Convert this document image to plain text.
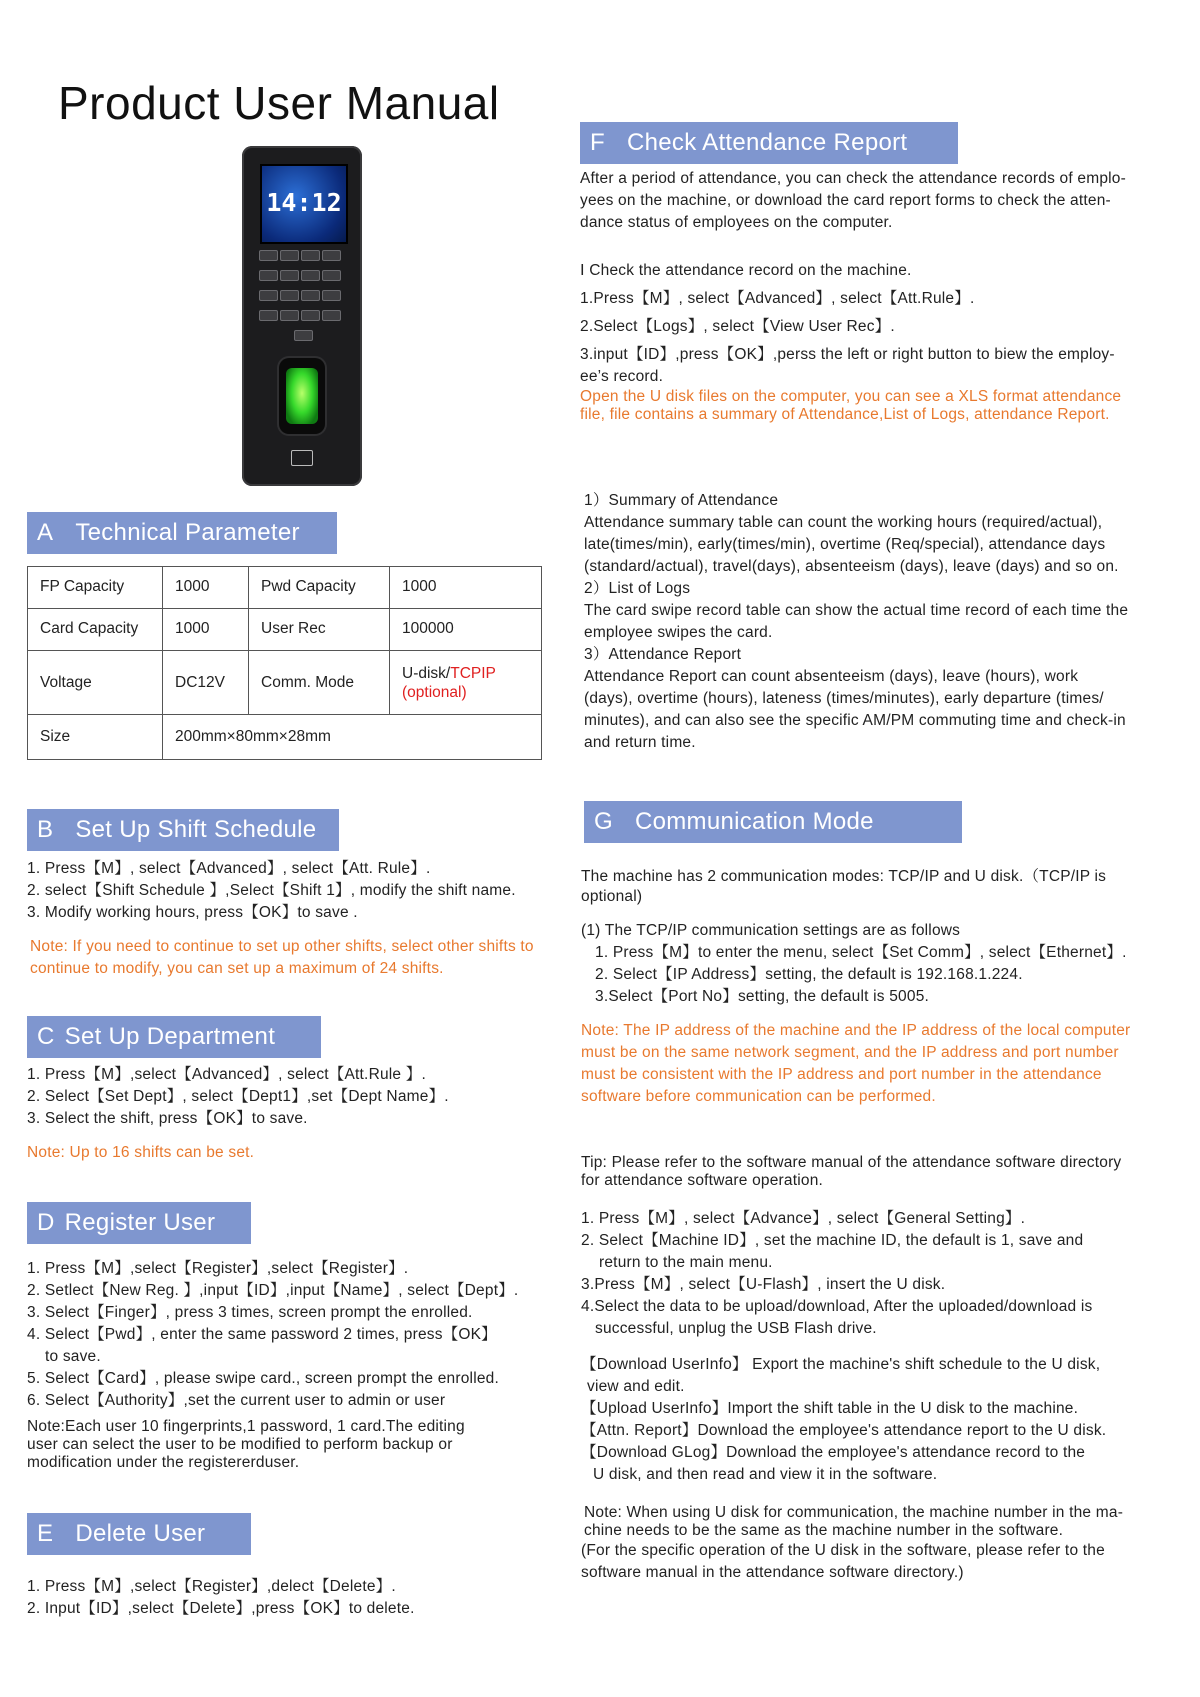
Product User Manual
14:12

A Technical Parameter
FP Capacity	1000	Pwd Capacity	1000
Card Capacity	1000	User Rec	100000
Voltage	DC12V	Comm. Mode	U-disk/TCPIP
(optional)
Size	200mm×80mm×28mm		
B Set Up Shift Schedule

1. Press【M】, select【Advanced】, select【Att. Rule】.

2. select【Shift Schedule 】,Select【Shift 1】, modify the shift name.

3. Modify working hours, press【OK】to save .

Note: If you need to continue to set up other shifts, select other shifts to

continue to modify, you can set up a maximum of 24 shifts.

C Set Up Department

1. Press【M】,select【Advanced】, select【Att.Rule 】.

2. Select【Set Dept】, select【Dept1】,set【Dept Name】.

3. Select the shift, press【OK】to save.

Note: Up to 16 shifts can be set.

D Register User

1. Press【M】,select【Register】,select【Register】.

2. Setlect【New Reg. 】,input【ID】,input【Name】, select【Dept】.

3. Select【Finger】, press 3 times, screen prompt the enrolled.

4. Select【Pwd】, enter the same password 2 times, press【OK】

to save.

5. Select【Card】, please swipe card., screen prompt the enrolled.

6. Select【Authority】,set the current user to admin or user

Note:Each user 10 fingerprints,1 password, 1 card.The editing

user can select the user to be modified to perform backup or

modification under the registererduser.

E Delete User

1. Press【M】,select【Register】,delect【Delete】.

2. Input【ID】,select【Delete】,press【OK】to delete.

F Check Attendance Report

After a period of attendance, you can check the attendance records of emplo-

yees on the machine, or download the card report forms to check the atten-

dance status of employees on the computer.

Ⅰ Check the attendance record on the machine.

1.Press【M】, select【Advanced】, select【Att.Rule】.

2.Select【Logs】, select【View User Rec】.

3.input【ID】,press【OK】,perss the left or right button to biew the employ-

ee’s record.

Open the U disk files on the computer, you can see a XLS format attendance

file, file contains a summary of Attendance,List of Logs, attendance Report.

1）Summary of Attendance

Attendance summary table can count the working hours (required/actual),

late(times/min), early(times/min), overtime (Req/special), attendance days

(standard/actual), travel(days), absenteeism (days), leave (days) and so on.

2）List of Logs

The card swipe record table can show the actual time record of each time the

employee swipes the card.

3）Attendance Report

Attendance Report can count absenteeism (days), leave (hours), work

(days), overtime (hours), lateness (times/minutes), early departure (times/

minutes), and can also see the specific AM/PM commuting time and check-in

and return time.

G Communication Mode

The machine has 2 communication modes: TCP/IP and U disk.（TCP/IP is

optional)

(1) The TCP/IP communication settings are as follows

1. Press【M】to enter the menu, select【Set Comm】, select【Ethernet】.

2. Select【IP Address】setting, the default is 192.168.1.224.

3.Select【Port No】setting, the default is 5005.

Note: The IP address of the machine and the IP address of the local computer

must be on the same network segment, and the IP address and port number

must be consistent with the IP address and port number in the attendance

software before communication can be performed.

Tip: Please refer to the software manual of the attendance software directory

for attendance software operation.

1. Press【M】, select【Advance】, select【General Setting】.

2. Select【Machine ID】, set the machine ID, the default is 1, save and

return to the main menu.

3.Press【M】, select【U-Flash】, insert the U disk.

4.Select the data to be upload/download, After the uploaded/download is

successful, unplug the USB Flash drive.

【Download UserInfo】 Export the machine's shift schedule to the U disk,

view and edit.

【Upload UserInfo】Import the shift table in the U disk to the machine.

【Attn. Report】Download the employee's attendance report to the U disk.

【Download GLog】Download the employee's attendance record to the

U disk, and then read and view it in the software.

Note: When using U disk for communication, the machine number in the ma-

chine needs to be the same as the machine number in the software.

(For the specific operation of the U disk in the software, please refer to the

software manual in the attendance software directory.)
